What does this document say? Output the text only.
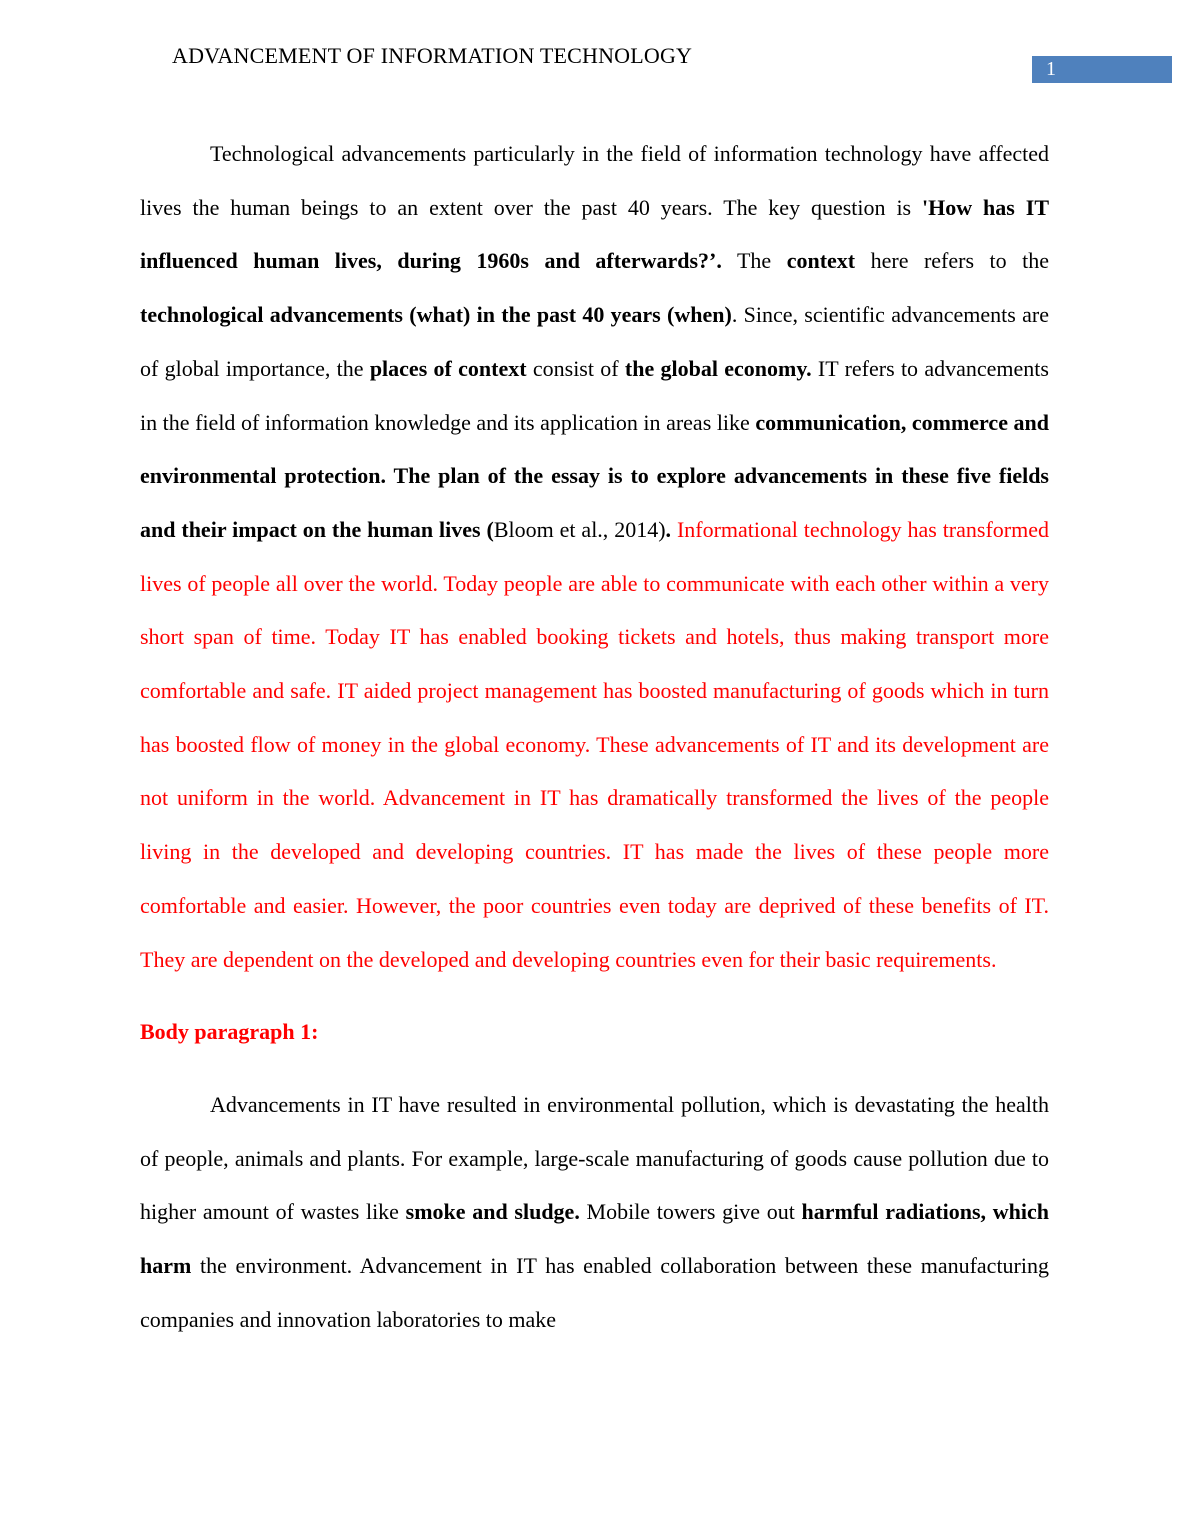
ADVANCEMENT OF INFORMATION TECHNOLOGY
1

Technological advancements particularly in the field of information technology have affected lives the human beings to an extent over the past 40 years. The key question is 'How has IT influenced human lives, during 1960s and afterwards?’. The context here refers to the technological advancements (what) in the past 40 years (when). Since, scientific advancements are of global importance, the places of context consist of the global economy. IT refers to advancements in the field of information knowledge and its application in areas like communication, commerce and environmental protection. The plan of the essay is to explore advancements in these five fields and their impact on the human lives (Bloom et al., 2014). Informational technology has transformed lives of people all over the world. Today people are able to communicate with each other within a very short span of time. Today IT has enabled booking tickets and hotels, thus making transport more comfortable and safe. IT aided project management has boosted manufacturing of goods which in turn has boosted flow of money in the global economy. These advancements of IT and its development are not uniform in the world. Advancement in IT has dramatically transformed the lives of the people living in the developed and developing countries. IT has made the lives of these people more comfortable and easier. However, the poor countries even today are deprived of these benefits of IT. They are dependent on the developed and developing countries even for their basic requirements.

Body paragraph 1:

Advancements in IT have resulted in environmental pollution, which is devastating the health of people, animals and plants. For example, large-scale manufacturing of goods cause pollution due to higher amount of wastes like smoke and sludge. Mobile towers give out harmful radiations, which harm the environment. Advancement in IT has enabled collaboration between these manufacturing companies and innovation laboratories to make
